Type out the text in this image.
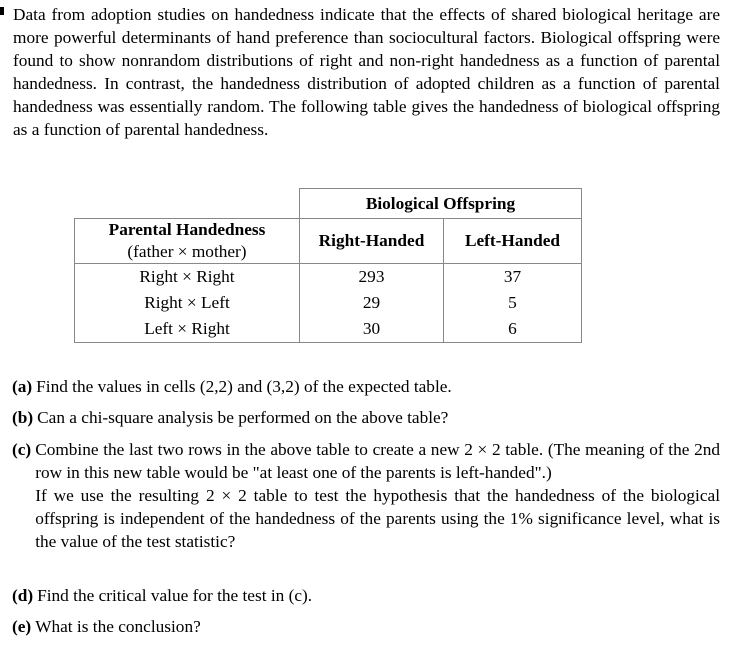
Data from adoption studies on handedness indicate that the effects of shared biological heritage are more powerful determinants of hand preference than sociocultural factors. Biological offspring were found to show nonrandom distributions of right and non-right handedness as a function of parental handedness. In contrast, the handedness distribution of adopted children as a function of parental handedness was essentially random. The following table gives the handedness of biological offspring as a function of parental handedness.

	Biological Offspring	

Parental Handedness
(father × mother)	Right-Handed	Left-Handed
Right × Right	293	37
Right × Left	29	5
Left × Right	30	6
(a) Find the values in cells (2,2) and (3,2) of the expected table.
(b) Can a chi-square analysis be performed on the above table?
(c) Combine the last two rows in the above table to create a new 2 × 2 table. (The meaning of the 2nd row in this new table would be "at least one of the parents is left-handed".)
If we use the resulting 2 × 2 table to test the hypothesis that the handedness of the biological offspring is independent of the handedness of the parents using the 1% significance level, what is the value of the test statistic?
(d) Find the critical value for the test in (c).
(e) What is the conclusion?
